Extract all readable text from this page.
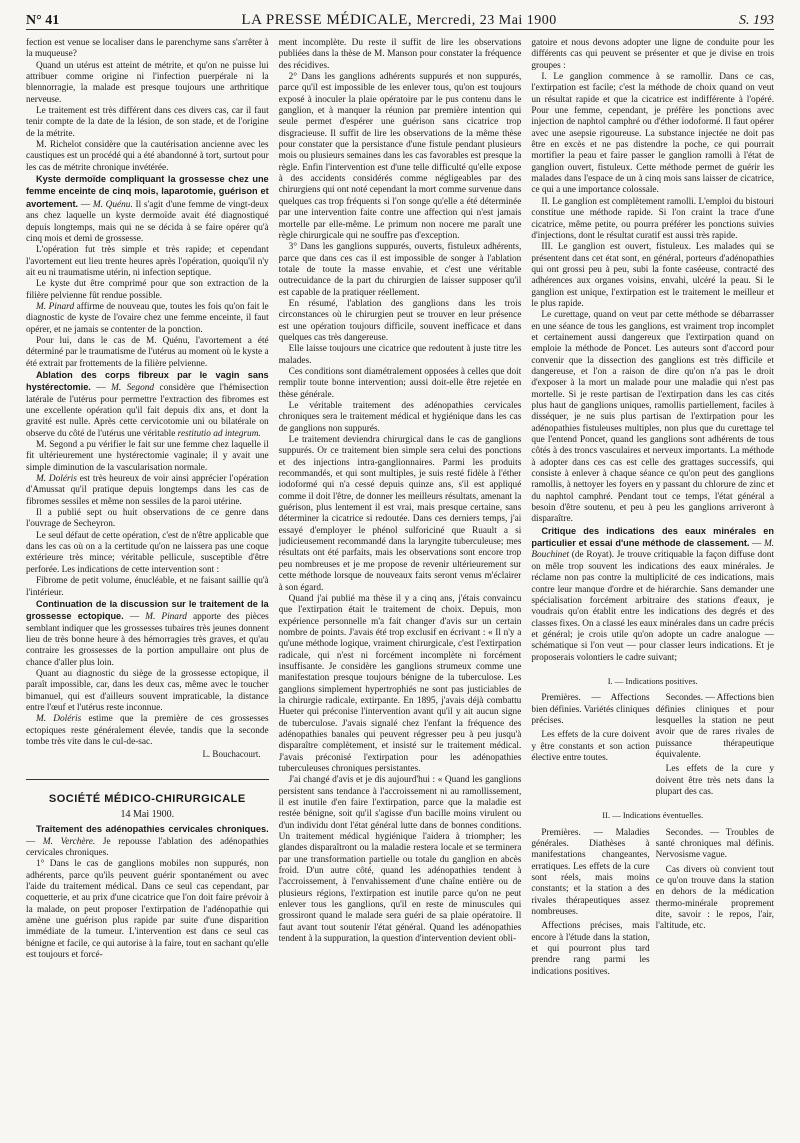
N° 41	LA PRESSE MÉDICALE, Mercredi, 23 Mai 1900	S. 193

fection est venue se localiser dans le parenchyme sans s'arrêter à la muqueuse?

Quand un utérus est atteint de métrite, et qu'on ne puisse lui attribuer comme origine ni l'infection puerpérale ni la blennorragie, la malade est presque toujours une arthritique nerveuse.

Le traitement est très différent dans ces divers cas, car il faut tenir compte de la date de la lésion, de son stade, et de l'origine de la métrite.

M. Richelot considère que la cautérisation ancienne avec les caustiques est un procédé qui a été abandonné à tort, surtout pour les cas de métrite chronique invétérée.

Kyste dermoïde compliquant la grossesse chez une femme enceinte de cinq mois, laparotomie, guérison et avortement. — M. Quénu. Il s'agit d'une femme de vingt-deux ans chez laquelle un kyste dermoïde avait été diagnostiqué depuis longtemps, mais qui ne se décida à se faire opérer qu'à cinq mois et demi de grossesse.

L'opération fut très simple et très rapide; et cependant l'avortement eut lieu trente heures après l'opération, quoiqu'il n'y ait eu ni traumatisme utérin, ni infection septique.

Le kyste dut être comprimé pour que son extraction de la filière pelvienne fût rendue possible.

M. Pinard affirme de nouveau que, toutes les fois qu'on fait le diagnostic de kyste de l'ovaire chez une femme enceinte, il faut opérer, et ne jamais se contenter de la ponction.

Pour lui, dans le cas de M. Quénu, l'avortement a été déterminé par le traumatisme de l'utérus au moment où le kyste a été extrait par frottements de la filière pelvienne.

Ablation des corps fibreux par le vagin sans hystérectomie. — M. Segond considère que l'hémisection latérale de l'utérus pour permettre l'extraction des fibromes est une excellente opération qu'il fait depuis dix ans, et dont la gravité est nulle. Après cette cervicotomie uni ou bilatérale on observe du côté de l'utérus une véritable restitutio ad integrum.

M. Segond a pu vérifier le fait sur une femme chez laquelle il fit ultérieurement une hystérectomie vaginale; il y avait une simple diminution de la vascularisation normale.

M. Doléris est très heureux de voir ainsi apprécier l'opération d'Amussat qu'il pratique depuis longtemps dans les cas de fibromes sessiles et même non sessiles de la paroi utérine.

Il a publié sept ou huit observations de ce genre dans l'ouvrage de Secheyron.

Le seul défaut de cette opération, c'est de n'être applicable que dans les cas où on a la certitude qu'on ne laissera pas une coque extérieure très mince; véritable pellicule, susceptible d'être perforée. Les indications de cette intervention sont :

Fibrome de petit volume, énucléable, et ne faisant saillie qu'à l'intérieur.

Continuation de la discussion sur le traitement de la grossesse ectopique. — M. Pinard apporte des pièces semblant indiquer que les grossesses tubaires très jeunes donnent lieu de très bonne heure à des hémorragies très graves, et qu'au contraire les grossesses de la portion ampullaire ont plus de chance d'aller plus loin.

Quant au diagnostic du siège de la grossesse ectopique, il paraît impossible, car, dans les deux cas, même avec le toucher bimanuel, qui est d'ailleurs souvent impraticable, la distance entre l'œuf et l'utérus reste inconnue.

M. Doléris estime que la première de ces grossesses ectopiques reste généralement élevée, tandis que la seconde tombe très vite dans le cul-de-sac.

L. Bouchacourt.
SOCIÉTÉ MÉDICO-CHIRURGICALE
14 Mai 1900.

Traitement des adénopathies cervicales chroniques. — M. Verchère. Je repousse l'ablation des adénopathies cervicales chroniques.

1° Dans le cas de ganglions mobiles non suppurés, non adhérents, parce qu'ils peuvent guérir spontanément ou avec l'aide du traitement médical. Dans ce seul cas cependant, par coquetterie, et au prix d'une cicatrice que l'on doit faire prévoir à la malade, on peut proposer l'extirpation de l'adénopathie qui amène une guérison plus rapide par suite d'une disparition immédiate de la tumeur. L'intervention est dans ce seul cas bénigne et facile, ce qui autorise à la faire, tout en sachant qu'elle est toujours et forcé-

ment incomplète. Du reste il suffit de lire les observations publiées dans la thèse de M. Manson pour constater la fréquence des récidives.

2° Dans les ganglions adhérents suppurés et non suppurés, parce qu'il est impossible de les enlever tous, qu'on est toujours exposé à inoculer la plaie opératoire par le pus contenu dans le ganglion, et à manquer la réunion par première intention qui seule permet d'espérer une guérison sans cicatrice trop disgracieuse. Il suffit de lire les observations de la même thèse pour constater que la persistance d'une fistule pendant plusieurs mois ou plusieurs semaines dans les cas favorables est presque la règle. Enfin l'intervention est d'une telle difficulté qu'elle expose à des accidents considérés comme négligeables par des chirurgiens qui ont noté cependant la mort comme survenue dans quelques cas trop fréquents si l'on songe qu'elle a été déterminée par une intervention faite contre une affection qui n'est jamais mortelle par elle-même. Le primum non nocere me paraît une règle chirurgicale qui ne souffre pas d'exception.

3° Dans les ganglions suppurés, ouverts, fistuleux adhérents, parce que dans ces cas il est impossible de songer à l'ablation totale de toute la masse envahie, et c'est une véritable outrecuidance de la part du chirurgien de laisser supposer qu'il est capable de la pratiquer réellement.

En résumé, l'ablation des ganglions dans les trois circonstances où le chirurgien peut se trouver en leur présence est une opération toujours difficile, souvent inefficace et dans quelques cas très dangereuse.

Elle laisse toujours une cicatrice que redoutent à juste titre les malades.

Ces conditions sont diamétralement opposées à celles que doit remplir toute bonne intervention; aussi doit-elle être rejetée en thèse générale.

Le véritable traitement des adénopathies cervicales chroniques sera le traitement médical et hygiénique dans les cas de ganglions non suppurés.

Le traitement deviendra chirurgical dans le cas de ganglions suppurés. Or ce traitement bien simple sera celui des ponctions et des injections intra-ganglionnaires. Parmi les produits recommandés, et qui sont multiples, je suis resté fidèle à l'éther iodoformé qui n'a cessé depuis quinze ans, s'il est appliqué comme il doit l'être, de donner les meilleurs résultats, amenant la guérison, plus lentement il est vrai, mais presque certaine, sans déterminer la cicatrice si redoutée. Dans ces derniers temps, j'ai essayé d'employer le phénol sulforiciné que Ruault a si judicieusement recommandé dans la laryngite tuberculeuse; mes résultats ont été parfaits, mais les observations sont encore trop peu nombreuses et je me propose de revenir ultérieurement sur cette méthode lorsque de nouveaux faits seront venus m'éclairer à son égard.

Quand j'ai publié ma thèse il y a cinq ans, j'étais convaincu que l'extirpation était le traitement de choix. Depuis, mon expérience personnelle m'a fait changer d'avis sur un certain nombre de points. J'avais été trop exclusif en écrivant : « Il n'y a qu'une méthode logique, vraiment chirurgicale, c'est l'extirpation radicale, qui n'est ni forcément incomplète ni forcément insuffisante. Je considère les ganglions strumeux comme une manifestation presque toujours bénigne de la tuberculose. Les ganglions simplement hypertrophiés ne sont pas justiciables de la chirurgie radicale, extirpante. En 1895, j'avais déjà combattu Hueter qui préconise l'intervention avant qu'il y ait aucun signe de tuberculose. J'avais signalé chez l'enfant la fréquence des adénopathies banales qui peuvent régresser peu à peu jusqu'à disparaître complètement, et insisté sur le traitement médical. J'avais préconisé l'extirpation pour les adénopathies tuberculeuses chroniques persistantes.

J'ai changé d'avis et je dis aujourd'hui : « Quand les ganglions persistent sans tendance à l'accroissement ni au ramollissement, il est inutile d'en faire l'extirpation, parce que la maladie est restée bénigne, soit qu'il s'agisse d'un bacille moins virulent ou d'un individu dont l'état général lutte dans de bonnes conditions. Un traitement médical hygiénique l'aidera à triompher; les glandes disparaîtront ou la maladie restera locale et se terminera par une transformation partielle ou totale du ganglion en abcès froid. D'un autre côté, quand les adénopathies tendent à l'accroissement, à l'envahissement d'une chaîne entière ou de plusieurs régions, l'extirpation est inutile parce qu'on ne peut enlever tous les ganglions, qu'il en reste de minuscules qui grossiront quand le malade sera guéri de sa plaie opératoire. Il faut avant tout soutenir l'état général. Quand les adénopathies tendent à la suppuration, la question d'intervention devient obli-

gatoire et nous devons adopter une ligne de conduite pour les différents cas qui peuvent se présenter et que je divise en trois groupes :

I. Le ganglion commence à se ramollir. Dans ce cas, l'extirpation est facile; c'est la méthode de choix quand on veut un résultat rapide et que la cicatrice est indifférente à l'opéré. Pour une femme, cependant, je préfère les ponctions avec injection de naphtol camphré ou d'éther iodoformé. Il faut opérer avec une asepsie rigoureuse. La substance injectée ne doit pas être en excès et ne pas distendre la poche, ce qui pourrait mortifier la peau et faire passer le ganglion ramolli à l'état de ganglion ouvert, fistuleux. Cette méthode permet de guérir les malades dans l'espace de un à cinq mois sans laisser de cicatrice, ce qui a une importance colossale.

II. Le ganglion est complètement ramolli. L'emploi du bistouri constitue une méthode rapide. Si l'on craint la trace d'une cicatrice, même petite, ou pourra préférer les ponctions suivies d'injections, dont le résultat curatif est aussi très rapide.

III. Le ganglion est ouvert, fistuleux. Les malades qui se présentent dans cet état sont, en général, porteurs d'adénopathies qui ont grossi peu à peu, subi la fonte caséeuse, contracté des adhérences aux organes voisins, envahi, ulcéré la peau. Si le ganglion est unique, l'extirpation est le traitement le meilleur et le plus rapide.

Le curettage, quand on veut par cette méthode se débarrasser en une séance de tous les ganglions, est vraiment trop incomplet et certainement aussi dangereux que l'extirpation quand on emploie la méthode de Poncet. Les auteurs sont d'accord pour convenir que la dissection des ganglions est très difficile et dangereuse, et l'on a raison de dire qu'on n'a pas le droit d'exposer à la mort un malade pour une maladie qui n'est pas mortelle. Si je reste partisan de l'extirpation dans les cas cités plus haut de ganglions uniques, ramollis partiellement, faciles à disséquer, je ne suis plus partisan de l'extirpation pour les adénopathies fistuleuses multiples, non plus que du curettage tel que l'entend Poncet, quand les ganglions sont adhérents de tous côtés à des troncs vasculaires et nerveux importants. La méthode à adopter dans ces cas est celle des grattages successifs, qui consiste à enlever à chaque séance ce qu'on peut des ganglions ramollis, à nettoyer les foyers en y passant du chlorure de zinc et du naphtol camphré. Pendant tout ce temps, l'état général a besoin d'être soutenu, et peu à peu les ganglions arriveront à disparaître.

Critique des indications des eaux minérales en particulier et essai d'une méthode de classement. — M. Bouchinet (de Royat). Je trouve critiquable la façon diffuse dont on mêle trop souvent les indications des eaux minérales. Je réclame non pas contre la multiplicité de ces indications, mais contre leur manque d'ordre et de hiérarchie. Sans demander une spécialisation forcément arbitraire des stations d'eaux, je voudrais qu'on établit entre les indications des degrés et des classes fixes. On a classé les eaux minérales dans un cadre précis et général; je crois utile qu'on adopte un cadre analogue — schématique si l'on veut — pour classer leurs indications. Et je proposerais volontiers le cadre suivant;

I. — Indications positives.

Premières. — Affections bien définies. Variétés cliniques précises.

Les effets de la cure doivent y être constants et son action élective entre toutes.

Secondes. — Affections bien définies cliniques et pour lesquelles la station ne peut avoir que de rares rivales de puissance thérapeutique équivalente.

Les effets de la cure y doivent être très nets dans la plupart des cas.

II. — Indications éventuelles.

Premières. — Maladies générales. Diathèses à manifestations changeantes, erratiques. Les effets de la cure sont réels, mais moins constants; et la station a des rivales thérapeutiques assez nombreuses.

Affections précises, mais encore à l'étude dans la station, et qui pourront plus tard prendre rang parmi les indications positives.

Secondes. — Troubles de santé chroniques mal définis. Nervosisme vague.

Cas divers où convient tout ce qu'on trouve dans la station en dehors de la médication thermo-minérale proprement dite, savoir : le repos, l'air, l'altitude, etc.
